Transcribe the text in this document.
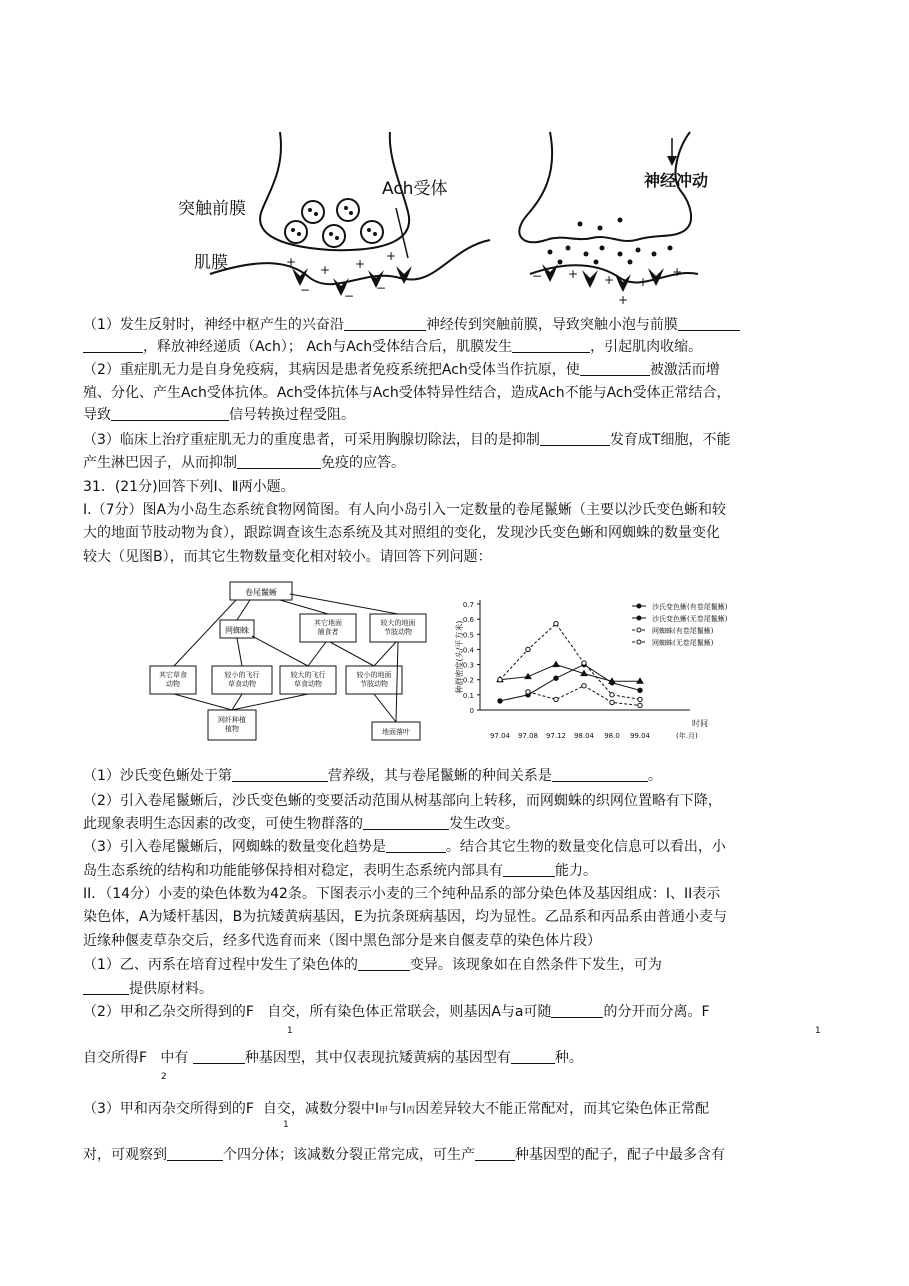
+
+ +
+
−	−
−
突触前膜
Ach受体
肌膜
神经冲动
+ + +
+
+
−
（1）发生反射时，神经中枢产生的兴奋沿	神经传到突触前膜，导致突触小泡与前膜
，释放神经递质（Ach）； Ach与Ach受体结合后，肌膜发生	，引起肌肉收缩。
（2）重症肌无力是自身免疫病，其病因是患者免疫系统把Ach受体当作抗原，使	被激活而增
殖、分化、产生Ach受体抗体。Ach受体抗体与Ach受体特异性结合，造成Ach不能与Ach受体正常结合，
导致	信号转换过程受阻。
（3）临床上治疗重症肌无力的重度患者，可采用胸腺切除法，目的是抑制	发育成T细胞，不能
产生淋巴因子，从而抑制	免疫的应答。
31．(21分)回答下列Ⅰ、Ⅱ两小题。
I.（7分）图A为小岛生态系统食物网简图。有人向小岛引入一定数量的卷尾鬣蜥（主要以沙氏变色蜥和较
大的地面节肢动物为食），跟踪调查该生态系统及其对照组的变化，发现沙氏变色蜥和网蜘蛛的数量变化
较大（见图B），而其它生物数量变化相对较小。请回答下列问题：
卷尾鬣蜥
网蜘蛛
其它地面
捕食者
较大的地面
节肢动物
其它草食
动物
较小的飞行
草食动物
较大的飞行
草食动物
较小的地面
节肢动物
网纤种植
植物	地面落叶
0
0.1
0.2
0.3
0.4
0.5
0.6
0.7
97.04 97.08 97.12 98.04 98.0 99.04
种群密度(头/平方米)
时间
(年.月)
沙氏变色蜥(有卷尾鬣蜥)
沙氏变色蜥(无卷尾鬣蜥)
网蜘蛛(有卷尾鬣蜥)
网蜘蛛(无卷尾鬣蜥)
（1）沙氏变色蜥处于第	营养级，其与卷尾鬣蜥的种间关系是	。
（2）引入卷尾鬣蜥后，沙氏变色蜥的变要活动范围从树基部向上转移，而网蜘蛛的织网位置略有下降，
此现象表明生态因素的改变，可使生物群落的	发生改变。
（3）引入卷尾鬣蜥后，网蜘蛛的数量变化趋势是	。结合其它生物的数量变化信息可以看出，小
岛生态系统的结构和功能能够保持相对稳定，表明生态系统内部具有	能力。
II．（14分）小麦的染色体数为42条。下图表示小麦的三个纯种品系的部分染色体及基因组成：I、II表示
染色体，A为矮杆基因，B为抗矮黄病基因，E为抗条斑病基因，均为显性。乙品系和丙品系由普通小麦与
近缘种偃麦草杂交后，经多代选育而来（图中黑色部分是来自偃麦草的染色体片段）
（1）乙、丙系在培育过程中发生了染色体的	变异。该现象如在自然条件下发生，可为
提供原材料。
（2）甲和乙杂交所得到的F 自交，所有染色体正常联会，则基因A与a可随	的分开而分离。F
1	1
自交所得F 中有	种基因型，其中仅表现抗矮黄病的基因型有	种。
2
（3）甲和丙杂交所得到的F 自交，减数分裂中Ⅰ甲与Ⅰ丙因差异较大不能正常配对，而其它染色体正常配
1
对，可观察到	个四分体；该减数分裂正常完成，可生产	种基因型的配子，配子中最多含有
